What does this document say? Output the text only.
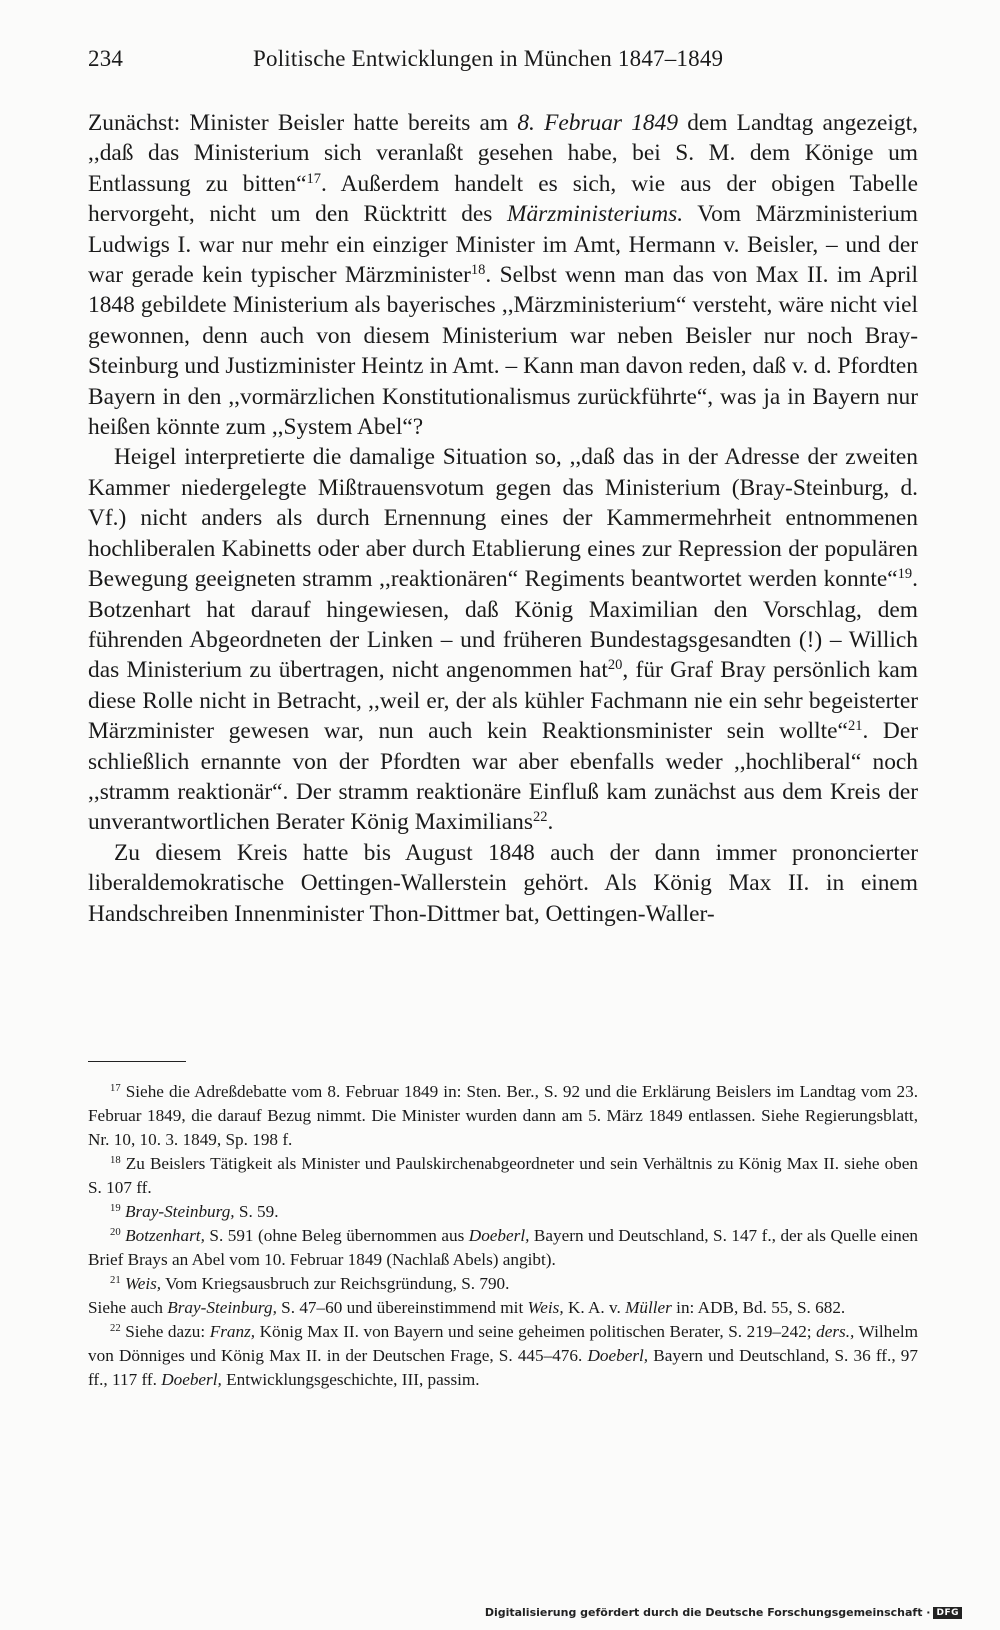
234	Politische Entwicklungen in München 1847–1849

Zunächst: Minister Beisler hatte bereits am 8. Februar 1849 dem Landtag angezeigt, ,,daß das Ministerium sich veranlaßt gesehen habe, bei S. M. dem Könige um Entlassung zu bitten“$^{17}$. Außerdem handelt es sich, wie aus der obigen Tabelle hervorgeht, nicht um den Rücktritt des Märzministeriums. Vom Märzministerium Ludwigs I. war nur mehr ein einziger Minister im Amt, Hermann v. Beisler, – und der war gerade kein typischer Märzminister$^{18}$. Selbst wenn man das von Max II. im April 1848 gebildete Ministerium als bayerisches ,,Märzministerium“ versteht, wäre nicht viel gewonnen, denn auch von diesem Ministerium war neben Beisler nur noch Bray-Steinburg und Justizminister Heintz in Amt. – Kann man davon reden, daß v. d. Pfordten Bayern in den ,,vormärzlichen Konstitutionalismus zurückführte“, was ja in Bayern nur heißen könnte zum ,,System Abel“?

Heigel interpretierte die damalige Situation so, ,,daß das in der Adresse der zweiten Kammer niedergelegte Mißtrauensvotum gegen das Ministerium (Bray-Steinburg, d. Vf.) nicht anders als durch Ernennung eines der Kammermehrheit entnommenen hochliberalen Kabinetts oder aber durch Etablierung eines zur Repression der populären Bewegung geeigneten stramm ,,reaktionären“ Regiments beantwortet werden konnte“$^{19}$. Botzenhart hat darauf hingewiesen, daß König Maximilian den Vorschlag, dem führenden Abgeordneten der Linken – und früheren Bundestagsgesandten (!) – Willich das Ministerium zu übertragen, nicht angenommen hat$^{20}$, für Graf Bray persönlich kam diese Rolle nicht in Betracht, ,,weil er, der als kühler Fachmann nie ein sehr begeisterter Märzminister gewesen war, nun auch kein Reaktionsminister sein wollte“$^{21}$. Der schließlich ernannte von der Pfordten war aber ebenfalls weder ,,hochliberal“ noch ,,stramm reaktionär“. Der stramm reaktionäre Einfluß kam zunächst aus dem Kreis der unverantwortlichen Berater König Maximilians$^{22}$.

Zu diesem Kreis hatte bis August 1848 auch der dann immer prononcierter liberaldemokratische Oettingen-Wallerstein gehört. Als König Max II. in einem Handschreiben Innenminister Thon-Dittmer bat, Oettingen-Waller-

$^{17}$ Siehe die Adreßdebatte vom 8. Februar 1849 in: Sten. Ber., S. 92 und die Erklärung Beislers im Landtag vom 23. Februar 1849, die darauf Bezug nimmt. Die Minister wurden dann am 5. März 1849 entlassen. Siehe Regierungsblatt, Nr. 10, 10. 3. 1849, Sp. 198 f.

$^{18}$ Zu Beislers Tätigkeit als Minister und Paulskirchenabgeordneter und sein Verhältnis zu König Max II. siehe oben S. 107 ff.

$^{19}$ Bray-Steinburg, S. 59.

$^{20}$ Botzenhart, S. 591 (ohne Beleg übernommen aus Doeberl, Bayern und Deutschland, S. 147 f., der als Quelle einen Brief Brays an Abel vom 10. Februar 1849 (Nachlaß Abels) angibt).

$^{21}$ Weis, Vom Kriegsausbruch zur Reichsgründung, S. 790.

Siehe auch Bray-Steinburg, S. 47–60 und übereinstimmend mit Weis, K. A. v. Müller in: ADB, Bd. 55, S. 682.

$^{22}$ Siehe dazu: Franz, König Max II. von Bayern und seine geheimen politischen Berater, S. 219–242; ders., Wilhelm von Dönniges und König Max II. in der Deutschen Frage, S. 445–476. Doeberl, Bayern und Deutschland, S. 36 ff., 97 ff., 117 ff. Doeberl, Entwicklungsgeschichte, III, passim.

Digitalisierung gefördert durch die Deutsche Forschungsgemeinschaft · DFG
